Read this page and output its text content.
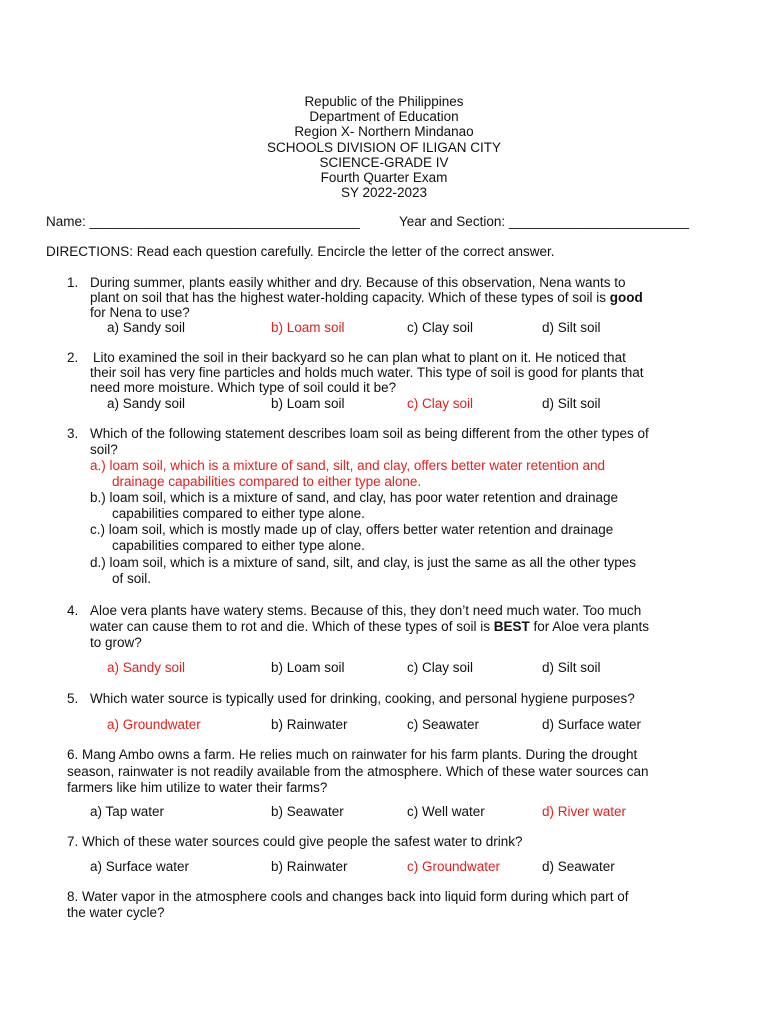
Republic of the Philippines
Department of Education
Region X- Northern Mindanao
SCHOOLS DIVISION OF ILIGAN CITY
SCIENCE-GRADE IV
Fourth Quarter Exam
SY 2022-2023
Name: ____________________________________	Year and Section: ________________________
DIRECTIONS: Read each question carefully. Encircle the letter of the correct answer.
1. During summer, plants easily whither and dry. Because of this observation, Nena wants to
plant on soil that has the highest water-holding capacity. Which of these types of soil is good
for Nena to use?
a) Sandy soil	b) Loam soil	c) Clay soil	d) Silt soil
2. Lito examined the soil in their backyard so he can plan what to plant on it. He noticed that
their soil has very fine particles and holds much water. This type of soil is good for plants that
need more moisture. Which type of soil could it be?
a) Sandy soil	b) Loam soil	c) Clay soil	d) Silt soil
3. Which of the following statement describes loam soil as being different from the other types of
soil?
a.) loam soil, which is a mixture of sand, silt, and clay, offers better water retention and
drainage capabilities compared to either type alone.
b.) loam soil, which is a mixture of sand, and clay, has poor water retention and drainage
capabilities compared to either type alone.
c.) loam soil, which is mostly made up of clay, offers better water retention and drainage
capabilities compared to either type alone.
d.) loam soil, which is a mixture of sand, silt, and clay, is just the same as all the other types
of soil.
4. Aloe vera plants have watery stems. Because of this, they don’t need much water. Too much
water can cause them to rot and die. Which of these types of soil is BEST for Aloe vera plants
to grow?
a) Sandy soil	b) Loam soil	c) Clay soil	d) Silt soil
5. Which water source is typically used for drinking, cooking, and personal hygiene purposes?
a) Groundwater	b) Rainwater	c) Seawater	d) Surface water
6. Mang Ambo owns a farm. He relies much on rainwater for his farm plants. During the drought
season, rainwater is not readily available from the atmosphere. Which of these water sources can
farmers like him utilize to water their farms?
a) Tap water	b) Seawater	c) Well water	d) River water
7. Which of these water sources could give people the safest water to drink?
a) Surface water	b) Rainwater	c) Groundwater	d) Seawater
8. Water vapor in the atmosphere cools and changes back into liquid form during which part of
the water cycle?
